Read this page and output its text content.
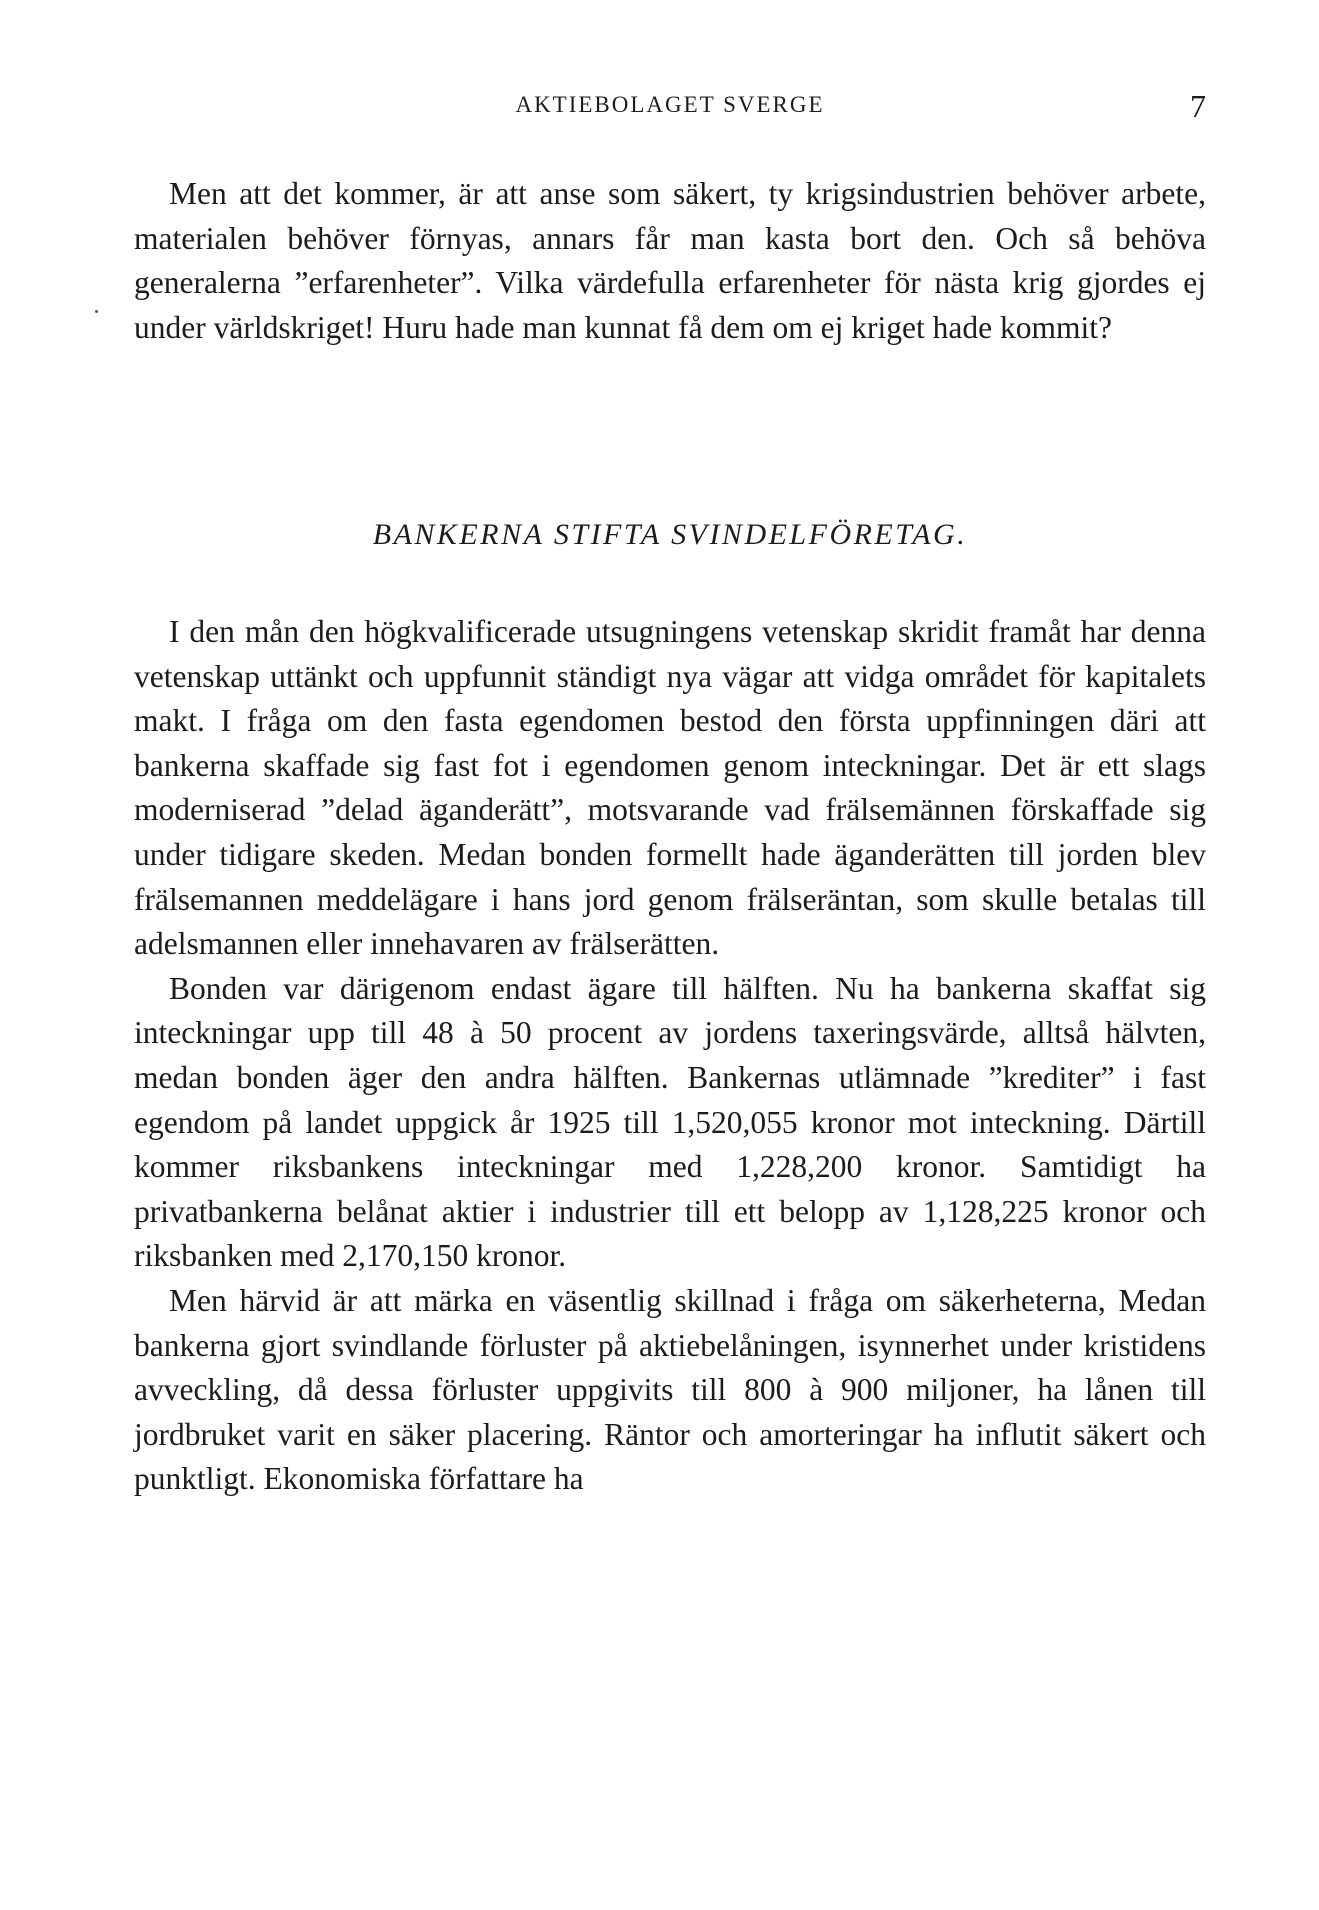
AKTIEBOLAGET SVERGE	7

Men att det kommer, är att anse som säkert, ty krigsindustrien behöver arbete, materialen behöver förnyas, annars får man kasta bort den. Och så behöva generalerna ”erfarenheter”. Vilka värdefulla erfarenheter för nästa krig gjordes ej under världskriget! Huru hade man kunnat få dem om ej kriget hade kommit?

BANKERNA STIFTA SVINDELFÖRETAG.

I den mån den högkvalificerade utsugningens vetenskap skridit framåt har denna vetenskap uttänkt och uppfunnit ständigt nya vägar att vidga området för kapitalets makt. I fråga om den fasta egendomen bestod den första uppfinningen däri att bankerna skaffade sig fast fot i egendomen genom inteckningar. Det är ett slags moderniserad ”delad äganderätt”, motsvarande vad frälsemännen förskaffade sig under tidigare skeden. Medan bonden formellt hade äganderätten till jorden blev frälsemannen meddelägare i hans jord genom frälseräntan, som skulle betalas till adelsmannen eller innehavaren av frälserätten.

Bonden var därigenom endast ägare till hälften. Nu ha bankerna skaffat sig inteckningar upp till 48 à 50 procent av jordens taxeringsvärde, alltså hälvten, medan bonden äger den andra hälften. Bankernas utlämnade ”krediter” i fast egendom på landet uppgick år 1925 till 1,520,055 kronor mot inteckning. Därtill kommer riksbankens inteckningar med 1,228,200 kronor. Samtidigt ha privatbankerna belånat aktier i industrier till ett belopp av 1,128,225 kronor och riksbanken med 2,170,150 kronor.

Men härvid är att märka en väsentlig skillnad i fråga om säkerheterna, Medan bankerna gjort svindlande förluster på aktiebelåningen, isynnerhet under kristidens avveckling, då dessa förluster uppgivits till 800 à 900 miljoner, ha lånen till jordbruket varit en säker placering. Räntor och amorteringar ha influtit säkert och punktligt. Ekonomiska författare ha
